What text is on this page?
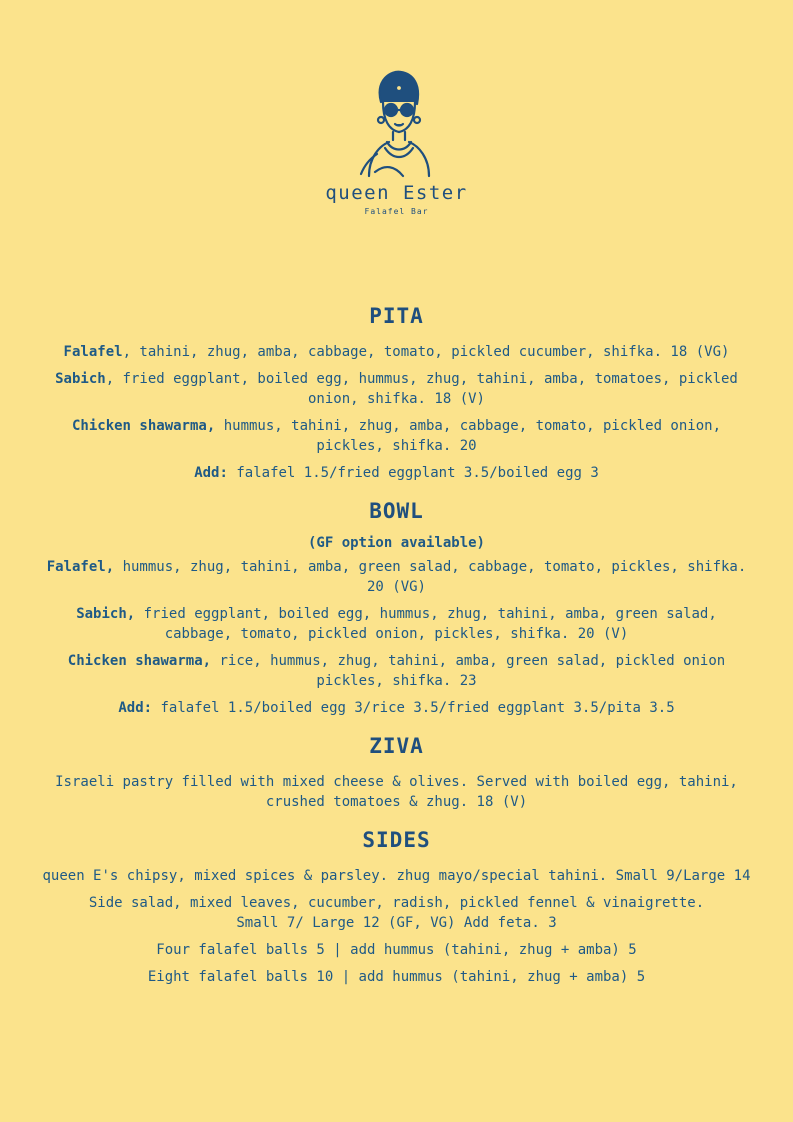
queen Ester
Falafel Bar
PITA

Falafel, tahini, zhug, amba, cabbage, tomato, pickled cucumber, shifka. 18 (VG)

Sabich, fried eggplant, boiled egg, hummus, zhug, tahini, amba, tomatoes, pickled onion, shifka. 18 (V)

Chicken shawarma, hummus, tahini, zhug, amba, cabbage, tomato, pickled onion, pickles, shifka. 20

Add: falafel 1.5/fried eggplant 3.5/boiled egg 3

BOWL
(GF option available)

Falafel, hummus, zhug, tahini, amba, green salad, cabbage, tomato, pickles, shifka. 20 (VG)

Sabich, fried eggplant, boiled egg, hummus, zhug, tahini, amba, green salad, cabbage, tomato, pickled onion, pickles, shifka. 20 (V)

Chicken shawarma, rice, hummus, zhug, tahini, amba, green salad, pickled onion pickles, shifka. 23

Add: falafel 1.5/boiled egg 3/rice 3.5/fried eggplant 3.5/pita 3.5

ZIVA

Israeli pastry filled with mixed cheese & olives. Served with boiled egg, tahini, crushed tomatoes & zhug. 18 (V)

SIDES

queen E's chipsy, mixed spices & parsley. zhug mayo/special tahini. Small 9/Large 14

Side salad, mixed leaves, cucumber, radish, pickled fennel & vinaigrette.
Small 7/ Large 12 (GF, VG) Add feta. 3

Four falafel balls 5 | add hummus (tahini, zhug + amba) 5

Eight falafel balls 10 | add hummus (tahini, zhug + amba) 5
